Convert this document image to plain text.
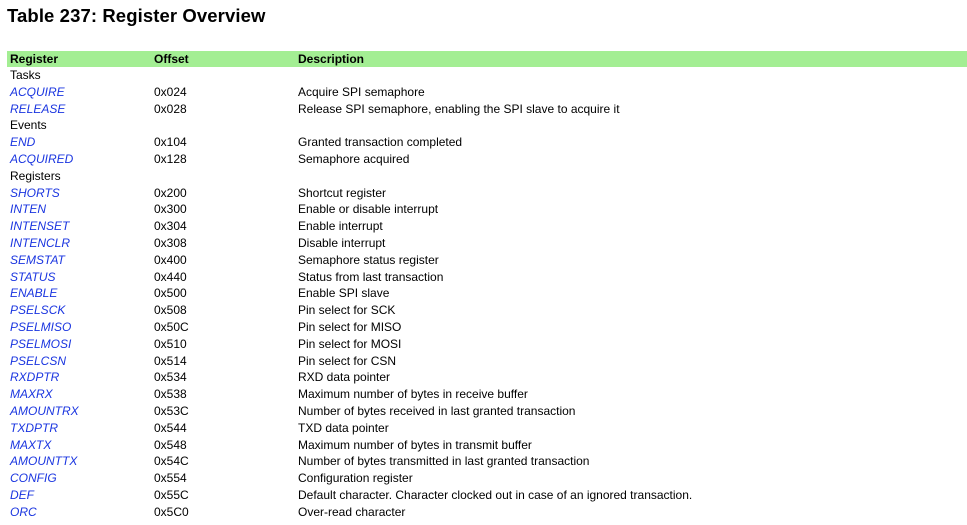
Table 237: Register Overview
Register	Offset	Description
Tasks
ACQUIRE	0x024	Acquire SPI semaphore
RELEASE	0x028	Release SPI semaphore, enabling the SPI slave to acquire it
Events
END	0x104	Granted transaction completed
ACQUIRED	0x128	Semaphore acquired
Registers
SHORTS	0x200	Shortcut register
INTEN	0x300	Enable or disable interrupt
INTENSET	0x304	Enable interrupt
INTENCLR	0x308	Disable interrupt
SEMSTAT	0x400	Semaphore status register
STATUS	0x440	Status from last transaction
ENABLE	0x500	Enable SPI slave
PSELSCK	0x508	Pin select for SCK
PSELMISO	0x50C	Pin select for MISO
PSELMOSI	0x510	Pin select for MOSI
PSELCSN	0x514	Pin select for CSN
RXDPTR	0x534	RXD data pointer
MAXRX	0x538	Maximum number of bytes in receive buffer
AMOUNTRX	0x53C	Number of bytes received in last granted transaction
TXDPTR	0x544	TXD data pointer
MAXTX	0x548	Maximum number of bytes in transmit buffer
AMOUNTTX	0x54C	Number of bytes transmitted in last granted transaction
CONFIG	0x554	Configuration register
DEF	0x55C	Default character. Character clocked out in case of an ignored transaction.
ORC	0x5C0	Over-read character
